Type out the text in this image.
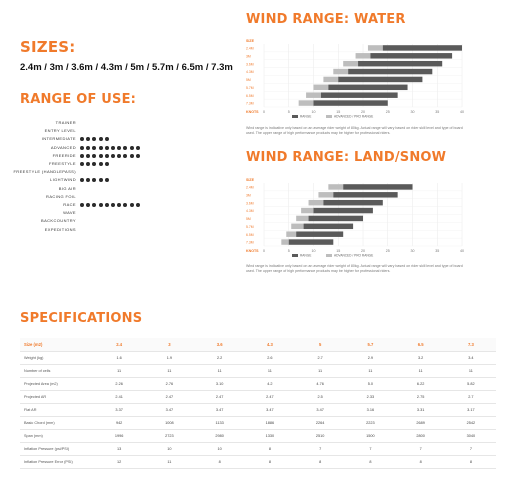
SIZES:
2.4m / 3m / 3.6m / 4.3m / 5m / 5.7m / 6.5m / 7.3m
RANGE OF USE:
TRAINER
ENTRY LEVEL
INTERMEDIATE
ADVANCED
FREERIDE
FREESTYLE
FREESTYLE (HANDLEPASS)
LIGHTWIND
BIG AIR
RACING FOIL
RACE
WAVE
BACKCOUNTRY
EXPEDITIONS
WIND RANGE: WATER
SIZE
0	5	10	15	20	25	30	35	40
KNOTS
2.4M
3M
3.6M
4.3M
5M
5.7M
6.5M
7.3M
RANGE	ADVANCED / PRO RANGE
Wind range is indicative only based on an average rider weight of 80kg. Actual range will vary based on rider skill level and type of board used. The upper range of high performance products may be higher for professional riders.
WIND RANGE: LAND/SNOW
SIZE
0	5	10	15	20	25	30	35	40
KNOTS
2.4M
3M
3.6M
4.3M
5M
5.7M
6.5M
7.3M
RANGE	ADVANCED / PRO RANGE
Wind range is indicative only based on an average rider weight of 80kg. Actual range will vary based on rider skill level and type of board used. The upper range of high performance products may be higher for professional riders.
SPECIFICATIONS
Size (m2)	2.4	3	3.6	4.3	5	5.7	6.5	7.3
Weight (kg)	1.6	1.9	2.2	2.6	2.7	2.9	3.2	3.4
Number of cells	11	11	11	11	11	11	11	11
Projected Area (m2)	2.26	2.76	3.10	4.2	4.76	5.0	6.22	5.82
Projected AR	2.41	2.47	2.47	2.47	2.5	2.33	2.75	2.7
Flat AR	3.37	3.47	3.47	3.47	3.47	3.16	3.31	3.17
Basic Chord (mm)	942	1008	1133	1886	2264	2223	2689	2542
Span (mm)	1996	2723	2980	1330	2510	1500	2800	3040
Inflation Pressure (psi/PSI)	13	10	10	8	7	7	7	7
Inflation Pressure Error (PSI)	12	11	8	8	8	8	8	8
